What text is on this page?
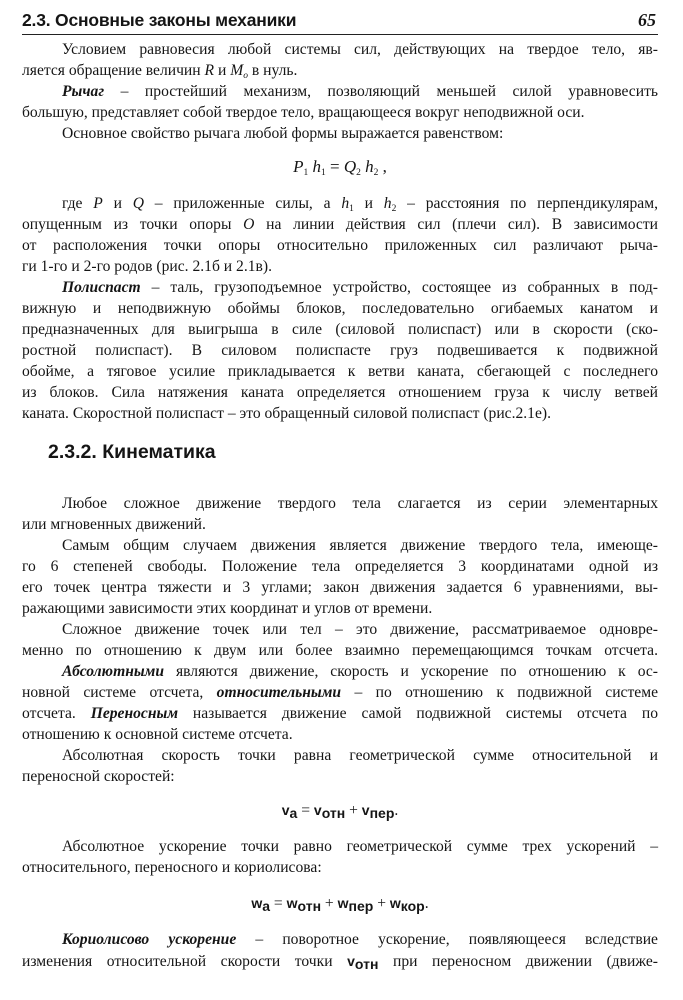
2.3. Основные законы механики	65
Условием равновесия любой системы сил, действующих на твердое тело, яв-
ляется обращение величин R и $M_o$ в нуль.
Рычаг – простейший механизм, позволяющий меньшей силой уравновесить
большую, представляет собой твердое тело, вращающееся вокруг неподвижной оси.
Основное свойство рычага любой формы выражается равенством:
$P_1$ $h_1 = Q_2$ $h_2$ ,
где P и Q – приложенные силы, а $h_1$ и $h_2$ – расстояния по перпендикулярам,
опущенным из точки опоры O на линии действия сил (плечи сил). В зависимости
от расположения точки опоры относительно приложенных сил различают рыча-
ги 1-го и 2-го родов (рис. 2.1б и 2.1в).
Полиспаст – таль, грузоподъемное устройство, состоящее из собранных в под-
вижную и неподвижную обоймы блоков, последовательно огибаемых канатом и
предназначенных для выигрыша в силе (силовой полиспаст) или в скорости (ско-
ростной полиспаст). В силовом полиспасте груз подвешивается к подвижной
обойме, а тяговое усилие прикладывается к ветви каната, сбегающей с последнего
из блоков. Сила натяжения каната определяется отношением груза к числу ветвей
каната. Скоростной полиспаст – это обращенный силовой полиспаст (рис.2.1е).
2.3.2. Кинематика
Любое сложное движение твердого тела слагается из серии элементарных
или мгновенных движений.
Самым общим случаем движения является движение твердого тела, имеюще-
го 6 степеней свободы. Положение тела определяется 3 координатами одной из
его точек центра тяжести и 3 углами; закон движения задается 6 уравнениями, вы-
ражающими зависимости этих координат и углов от времени.
Сложное движение точек или тел – это движение, рассматриваемое одновре-
менно по отношению к двум или более взаимно перемещающимся точкам отсчета.
Абсолютными являются движение, скорость и ускорение по отношению к ос-
новной системе отсчета, относительными – по отношению к подвижной системе
отсчета. Переносным называется движение самой подвижной системы отсчета по
отношению к основной системе отсчета.
Абсолютная скорость точки равна геометрической сумме относительной и
переносной скоростей:
$v_a = v_{отн} + v_{пер}$.
Абсолютное ускорение точки равно геометрической сумме трех ускорений –
относительного, переносного и кориолисова:
$w_a = w_{отн} + w_{пер} + w_{кор}$.
Кориолисово ускорение – поворотное ускорение, появляющееся вследствие
изменения относительной скорости точки $v_{отн}$ при переносном движении (движе-
